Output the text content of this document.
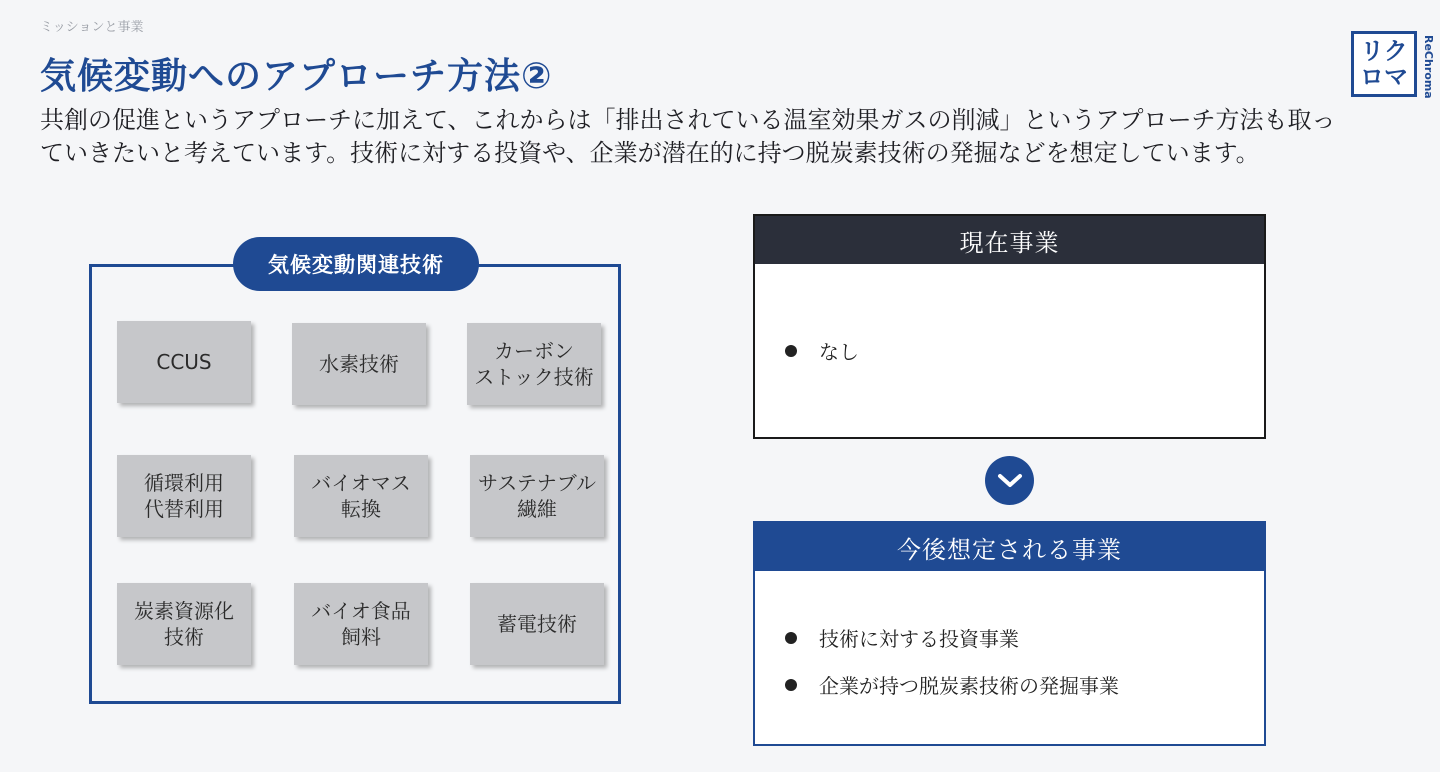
ミッションと事業
気候変動へのアプローチ方法②
共創の促進というアプローチに加えて、これからは「排出されている温室効果ガスの削減」というアプローチ方法も取っていきたいと考えています。技術に対する投資や、企業が潜在的に持つ脱炭素技術の発掘などを想定しています。
リク
ロマ ReChroma
気候変動関連技術
CCUS	水素技術
カーボン
ストック技術
循環利用
代替利用
バイオマス
転換
サステナブル
繊維
炭素資源化
技術
バイオ食品
飼料
蓄電技術
現在事業
なし
今後想定される事業
技術に対する投資事業
企業が持つ脱炭素技術の発掘事業
